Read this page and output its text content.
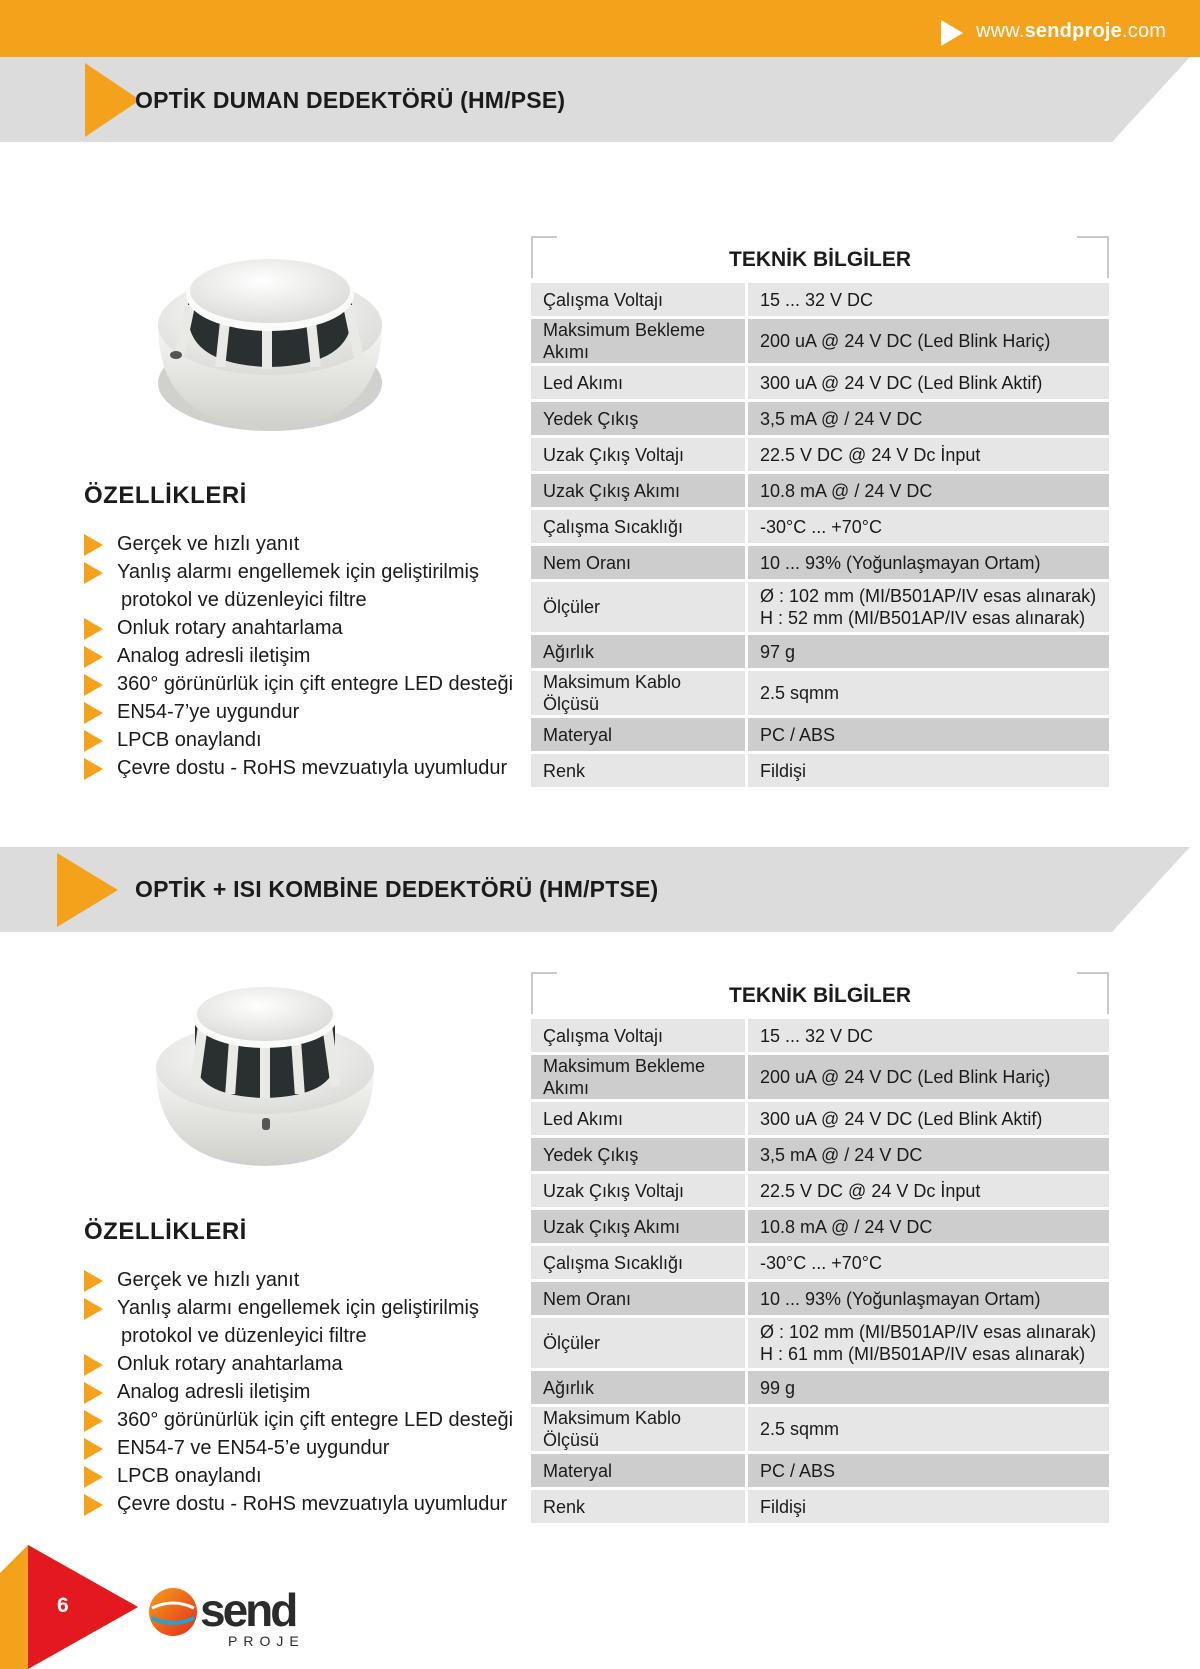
www.sendproje.com
OPTİK DUMAN DEDEKTÖRÜ (HM/PSE)
ÖZELLİKLERİ
Gerçek ve hızlı yanıt
Yanlış alarmı engellemek için geliştirilmiş
protokol ve düzenleyici filtre
Onluk rotary anahtarlama
Analog adresli iletişim
360° görünürlük için çift entegre LED desteği
EN54-7’ye uygundur
LPCB onaylandı
Çevre dostu - RoHS mevzuatıyla uyumludur
TEKNİK BİLGİLER
Çalışma Voltajı	15 ... 32 V DC
Maksimum Bekleme Akımı	200 uA @ 24 V DC (Led Blink Hariç)
Led Akımı	300 uA @ 24 V DC (Led Blink Aktif)
Yedek Çıkış	3,5 mA @ / 24 V DC
Uzak Çıkış Voltajı	22.5 V DC @ 24 V Dc İnput
Uzak Çıkış Akımı	10.8 mA @ / 24 V DC
Çalışma Sıcaklığı	-30°C ... +70°C
Nem Oranı	10 ... 93% (Yoğunlaşmayan Ortam)
Ölçüler	Ø : 102 mm (MI/B501AP/IV esas alınarak)
H : 52 mm (MI/B501AP/IV esas alınarak)

Ağırlık	97 g
Maksimum Kablo Ölçüsü	2.5 sqmm
Materyal	PC / ABS
Renk	Fildişi
OPTİK + ISI KOMBİNE DEDEKTÖRÜ (HM/PTSE)
ÖZELLİKLERİ
Gerçek ve hızlı yanıt
Yanlış alarmı engellemek için geliştirilmiş
protokol ve düzenleyici filtre
Onluk rotary anahtarlama
Analog adresli iletişim
360° görünürlük için çift entegre LED desteği
EN54-7 ve EN54-5’e uygundur
LPCB onaylandı
Çevre dostu - RoHS mevzuatıyla uyumludur
TEKNİK BİLGİLER
Çalışma Voltajı	15 ... 32 V DC
Maksimum Bekleme Akımı	200 uA @ 24 V DC (Led Blink Hariç)
Led Akımı	300 uA @ 24 V DC (Led Blink Aktif)
Yedek Çıkış	3,5 mA @ / 24 V DC
Uzak Çıkış Voltajı	22.5 V DC @ 24 V Dc İnput
Uzak Çıkış Akımı	10.8 mA @ / 24 V DC
Çalışma Sıcaklığı	-30°C ... +70°C
Nem Oranı	10 ... 93% (Yoğunlaşmayan Ortam)
Ölçüler	Ø : 102 mm (MI/B501AP/IV esas alınarak)
H : 61 mm (MI/B501AP/IV esas alınarak)

Ağırlık	99 g
Maksimum Kablo Ölçüsü	2.5 sqmm
Materyal	PC / ABS
Renk	Fildişi
6	send
PROJE
